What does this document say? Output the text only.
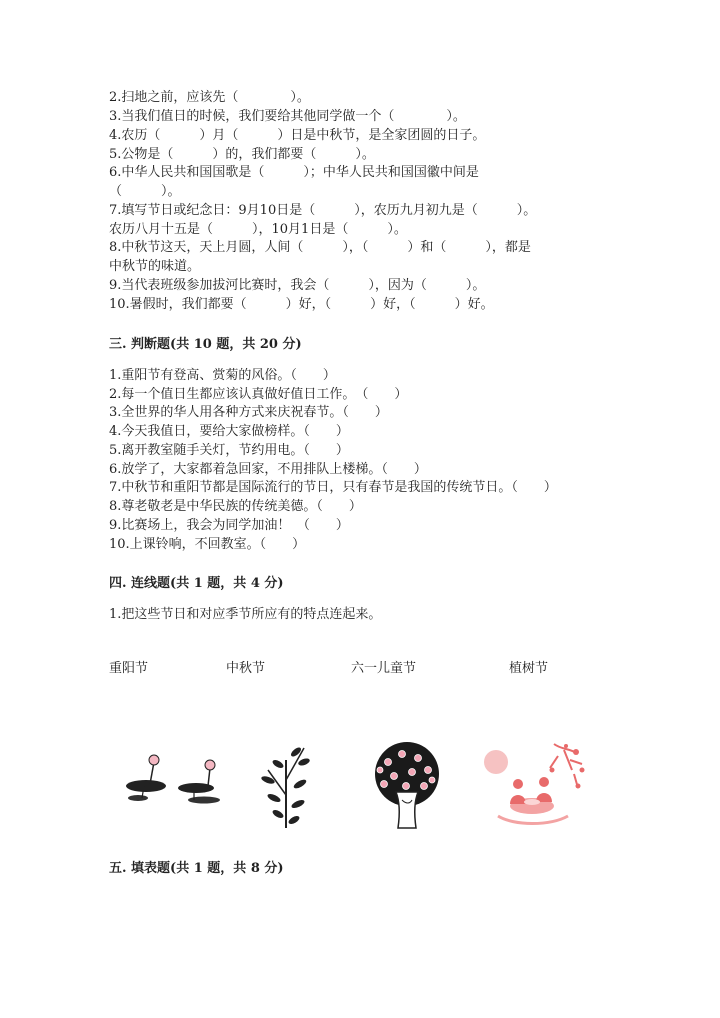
2.扫地之前，应该先（　　　　）。
3.当我们值日的时候，我们要给其他同学做一个（　　　　）。
4.农历（　　　）月（　　　）日是中秋节，是全家团圆的日子。
5.公物是（　　　）的，我们都要（　　　）。
6.中华人民共和国国歌是（　　　）；中华人民共和国国徽中间是
（　　　）。
7.填写节日或纪念日：9月10日是（　　　），农历九月初九是（　　　）。
农历八月十五是（　　　），10月1日是（　　　）。
8.中秋节这天，天上月圆，人间（　　　），（　　　）和（　　　），都是
中秋节的味道。
9.当代表班级参加拔河比赛时，我会（　　　），因为（　　　）。
10.暑假时，我们都要（　　　）好，（　　　）好，（　　　）好。
三. 判断题(共 10 题，共 20 分)
1.重阳节有登高、赏菊的风俗。（　　）
2.每一个值日生都应该认真做好值日工作。　（　　）
3.全世界的华人用各种方式来庆祝春节。（　　）
4.今天我值日，要给大家做榜样。（　　）
5.离开教室随手关灯，节约用电。（　　）
6.放学了，大家都着急回家，不用排队上楼梯。（　　）
7.中秋节和重阳节都是国际流行的节日，只有春节是我国的传统节日。（　　）
8.尊老敬老是中华民族的传统美德。（　　）
9.比赛场上，我会为同学加油！　（　　）
10.上课铃响，不回教室。（　　）
四. 连线题(共 1 题，共 4 分)
1.把这些节日和对应季节所应有的特点连起来。
重阳节	中秋节	六一儿童节	植树节
五. 填表题(共 1 题，共 8 分)
